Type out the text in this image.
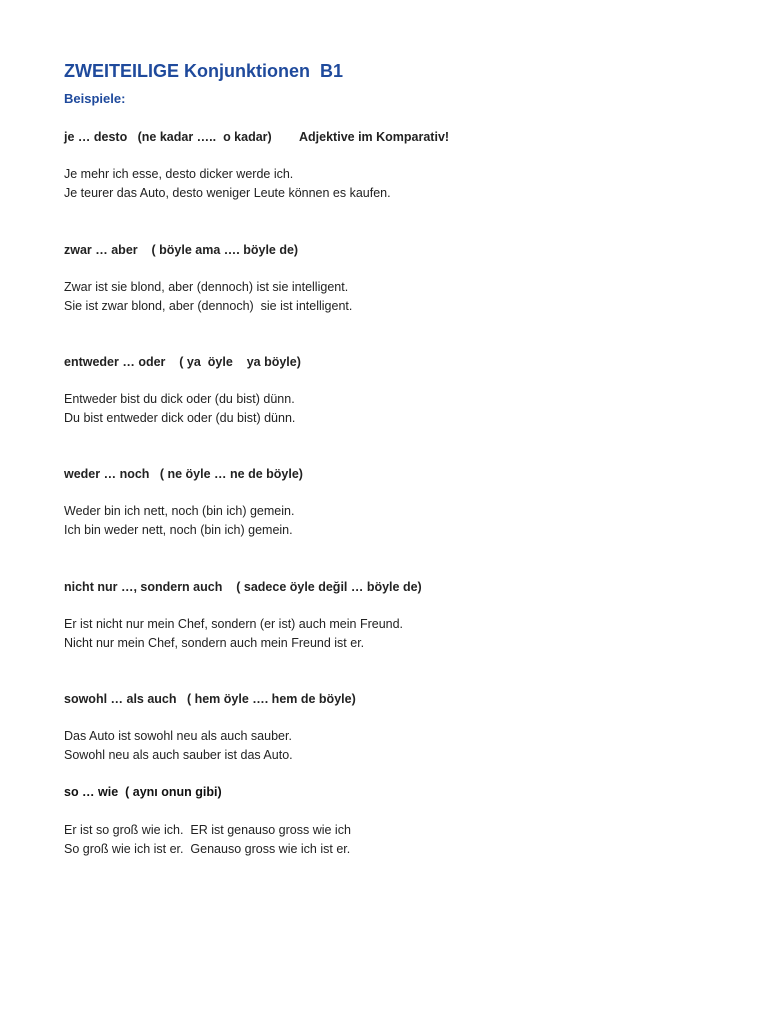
ZWEITEILIGE Konjunktionen  B1

Beispiele:

je … desto   (ne kadar …..  o kadar)        Adjektive im Komparativ!

Je mehr ich esse, desto dicker werde ich.

Je teurer das Auto, desto weniger Leute können es kaufen.

zwar … aber    ( böyle ama …. böyle de)

Zwar ist sie blond, aber (dennoch) ist sie intelligent.

Sie ist zwar blond, aber (dennoch)  sie ist intelligent.

entweder … oder    ( ya  öyle    ya böyle)

Entweder bist du dick oder (du bist) dünn.

Du bist entweder dick oder (du bist) dünn.

weder … noch   ( ne öyle … ne de böyle)

Weder bin ich nett, noch (bin ich) gemein.

Ich bin weder nett, noch (bin ich) gemein.

nicht nur …, sondern auch    ( sadece öyle değil … böyle de)

Er ist nicht nur mein Chef, sondern (er ist) auch mein Freund.

Nicht nur mein Chef, sondern auch mein Freund ist er.

sowohl … als auch   ( hem öyle …. hem de böyle)

Das Auto ist sowohl neu als auch sauber.

Sowohl neu als auch sauber ist das Auto.

so … wie  ( aynı onun gibi)

Er ist so groß wie ich.  ER ist genauso gross wie ich

So groß wie ich ist er.  Genauso gross wie ich ist er.
